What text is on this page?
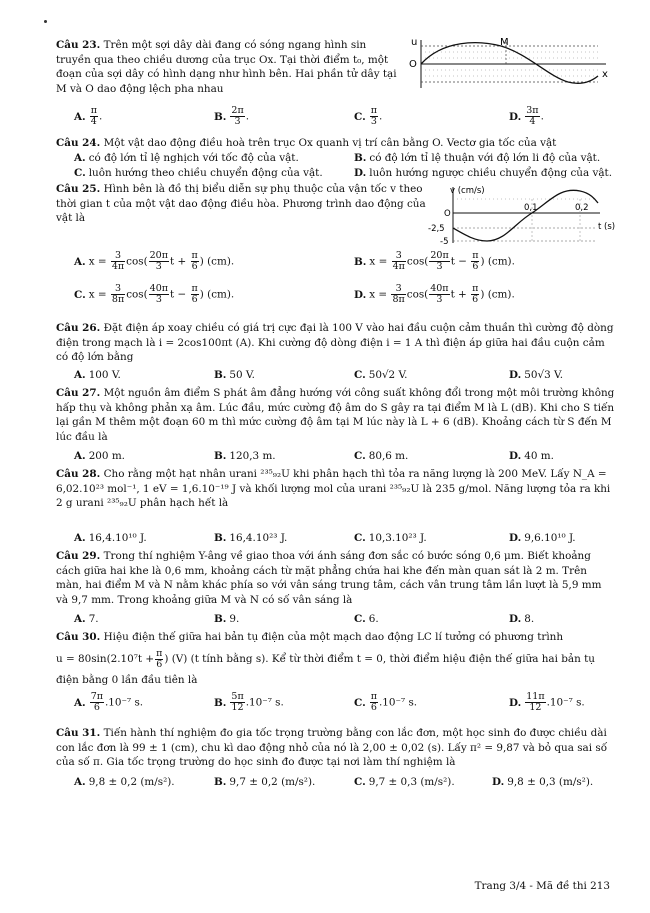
Câu 23. Trên một sợi dây dài đang có sóng ngang hình sin truyền qua theo chiều dương của trục Ox. Tại thời điểm t₀, một đoạn của sợi dây có hình dạng như hình bên. Hai phần tử dây tại M và O dao động lệch pha nhau
u
O
M
x
A. $\frac{\pi}{4}$ .	B. $\frac{2\pi}{3}$ .	C. $\frac{\pi}{3}$ .	D. $\frac{3\pi}{4}$ .
Câu 24. Một vật dao động điều hoà trên trục Ox quanh vị trí cân bằng O. Vectơ gia tốc của vật
A. có độ lớn tỉ lệ nghịch với tốc độ của vật.	B. có độ lớn tỉ lệ thuận với độ lớn li độ của vật.
C. luôn hướng theo chiều chuyển động của vật.	D. luôn hướng ngược chiều chuyển động của vật.
Câu 25. Hình bên là đồ thị biểu diễn sự phụ thuộc của vận tốc v theo thời gian t của một vật dao động điều hòa. Phương trình dao động của vật là
v (cm/s)
t (s)
O
-2,5
-5
0,1	0,2
A. $x = \frac{3}{4\pi} \cos( \frac{20\pi}{3}$ $t + \frac{\pi}{6}$ ) (cm).	B. $x = \frac{3}{4\pi} \cos( \frac{20\pi}{3}$ $t - \frac{\pi}{6}$ ) (cm).
C. $x = \frac{3}{8\pi} \cos( \frac{40\pi}{3}$ $t - \frac{\pi}{6}$ ) (cm).	D. $x = \frac{3}{8\pi} \cos( \frac{40\pi}{3}$ $t + \frac{\pi}{6}$ ) (cm).
Câu 26. Đặt điện áp xoay chiều có giá trị cực đại là 100 V vào hai đầu cuộn cảm thuần thì cường độ dòng điện trong mạch là i = 2cos100πt (A). Khi cường độ dòng điện i = 1 A thì điện áp giữa hai đầu cuộn cảm có độ lớn bằng
A. 100 V.	B. 50 V.	C. 50√2 V.	D. 50√3 V.
Câu 27. Một nguồn âm điểm S phát âm đẳng hướng với công suất không đổi trong một môi trường không hấp thụ và không phản xạ âm. Lúc đầu, mức cường độ âm do S gây ra tại điểm M là L (dB). Khi cho S tiến lại gần M thêm một đoạn 60 m thì mức cường độ âm tại M lúc này là L + 6 (dB). Khoảng cách từ S đến M lúc đầu là
A. 200 m.	B. 120,3 m.	C. 80,6 m.	D. 40 m.
Câu 28. Cho rằng một hạt nhân urani ²³⁵₉₂U khi phân hạch thì tỏa ra năng lượng là 200 MeV. Lấy N_A = 6,02.10²³ mol⁻¹, 1 eV = 1,6.10⁻¹⁹ J và khối lượng mol của urani ²³⁵₉₂U là 235 g/mol. Năng lượng tỏa ra khi 2 g urani ²³⁵₉₂U phân hạch hết là
A. 16,4.10¹⁰ J.	B. 16,4.10²³ J.	C. 10,3.10²³ J.	D. 9,6.10¹⁰ J.
Câu 29. Trong thí nghiệm Y-âng về giao thoa với ánh sáng đơn sắc có bước sóng 0,6 μm. Biết khoảng cách giữa hai khe là 0,6 mm, khoảng cách từ mặt phẳng chứa hai khe đến màn quan sát là 2 m. Trên màn, hai điểm M và N nằm khác phía so với vân sáng trung tâm, cách vân trung tâm lần lượt là 5,9 mm và 9,7 mm. Trong khoảng giữa M và N có số vân sáng là
A. 7.	B. 9.	C. 6.	D. 8.
Câu 30. Hiệu điện thế giữa hai bản tụ điện của một mạch dao động LC lí tưởng có phương trình
$u = 80\sin(2.10^7t + \frac{\pi}{6}$ ) (V) (t tính bằng s). Kể từ thời điểm t = 0, thời điểm hiệu điện thế giữa hai bản tụ
điện bằng 0 lần đầu tiên là
A. $\frac{7\pi}{6} .10^{-7}$ s.	B. $\frac{5\pi}{12} .10^{-7}$ s.	C. $\frac{\pi}{6} .10^{-7}$ s.	D. $\frac{11\pi}{12} .10^{-7}$ s.
Câu 31. Tiến hành thí nghiệm đo gia tốc trọng trường bằng con lắc đơn, một học sinh đo được chiều dài con lắc đơn là 99 ± 1 (cm), chu kì dao động nhỏ của nó là 2,00 ± 0,02 (s). Lấy π² = 9,87 và bỏ qua sai số của số π. Gia tốc trọng trường do học sinh đo được tại nơi làm thí nghiệm là
A. 9,8 ± 0,2 (m/s²).	B. 9,7 ± 0,2 (m/s²).	C. 9,7 ± 0,3 (m/s²).	D. 9,8 ± 0,3 (m/s²).
Trang 3/4 - Mã đề thi 213
